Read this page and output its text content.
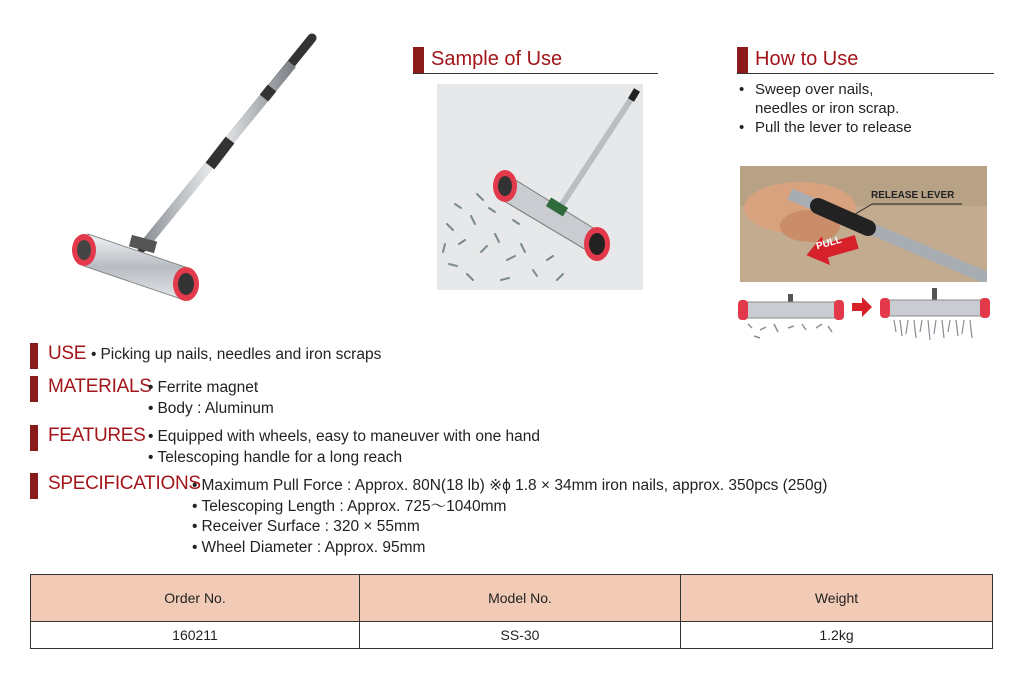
Sample of Use	How to Use
• Sweep over nails,
needles or iron scrap.
• Pull the lever to release
RELEASE LEVER
PULL
USE • Picking up nails, needles and iron scraps
MATERIALS • Ferrite magnet
• Body : Aluminum
FEATURES • Equipped with wheels, easy to maneuver with one hand
• Telescoping handle for a long reach
SPECIFICATIONS • Maximum Pull Force : Approx. 80N(18 lb) ※ϕ 1.8 × 34mm iron nails, approx. 350pcs (250g)
• Telescoping Length : Approx. 725～1040mm
• Receiver Surface : 320 × 55mm
• Wheel Diameter : Approx. 95mm
Order No.	Model No.	Weight
160211	SS-30	1.2kg
